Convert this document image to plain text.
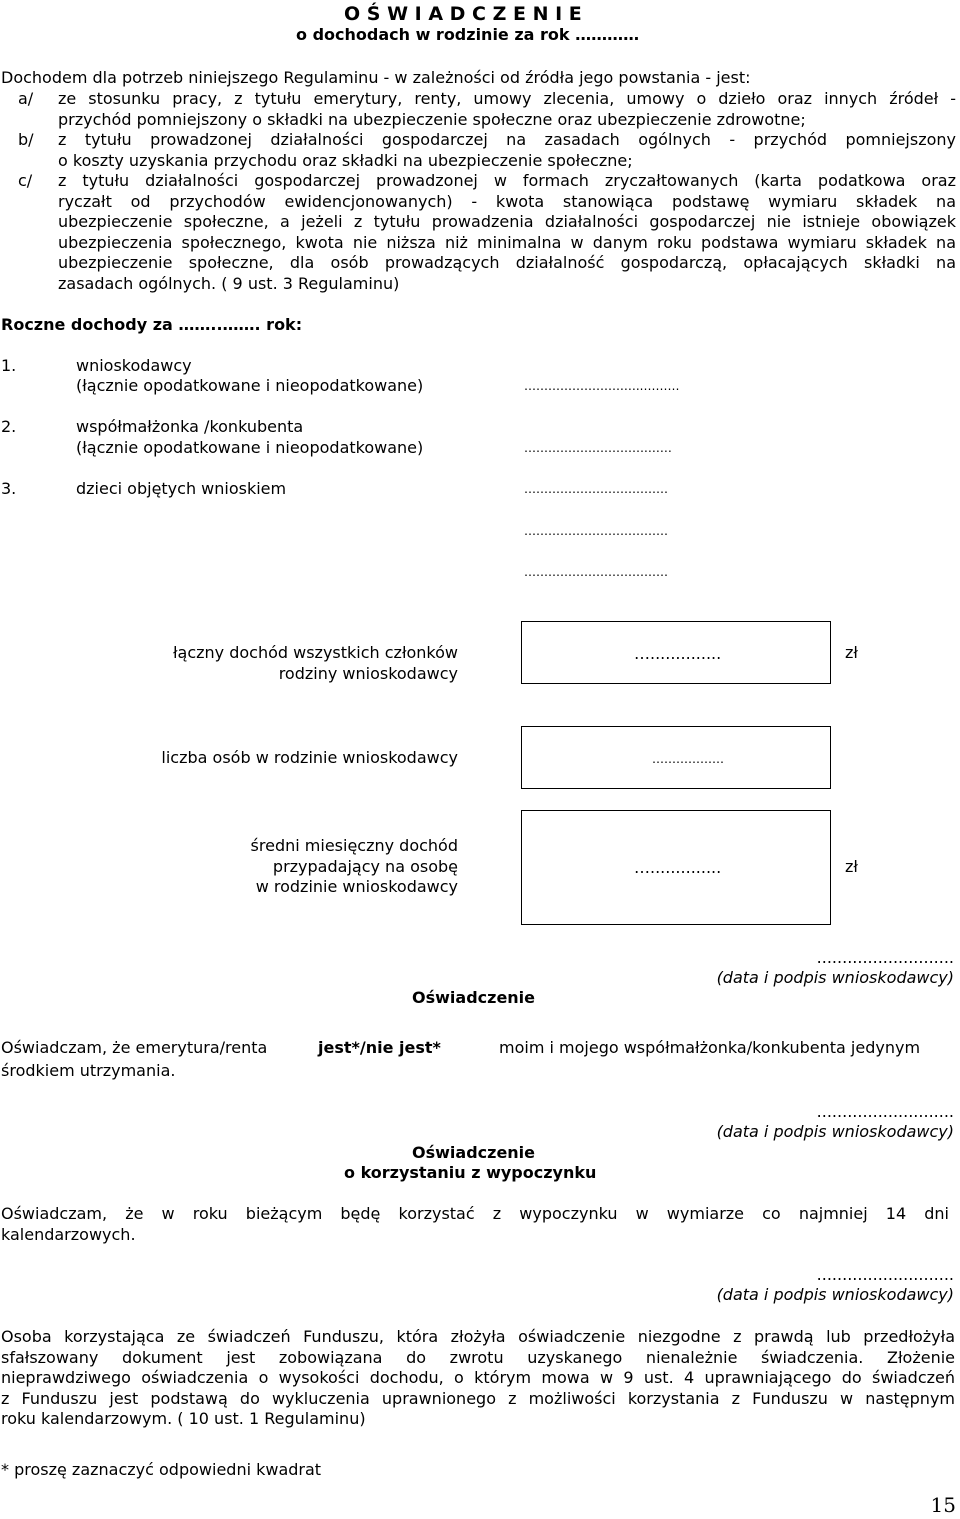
O Ś W I A D C Z E N I E
o dochodach w rodzinie za rok …………
Dochodem dla potrzeb niniejszego Regulaminu - w zależności od źródła jego powstania - jest:
a/ ze stosunku pracy, z tytułu emerytury, renty, umowy zlecenia, umowy o dzieło oraz innych źródeł -
przychód pomniejszony o składki na ubezpieczenie społeczne oraz ubezpieczenie zdrowotne;
b/ z tytułu prowadzonej działalności gospodarczej na zasadach ogólnych - przychód pomniejszony
o koszty uzyskania przychodu oraz składki na ubezpieczenie społeczne;
c/ z tytułu działalności gospodarczej prowadzonej w formach zryczałtowanych (karta podatkowa oraz
ryczałt od przychodów ewidencjonowanych) - kwota stanowiąca podstawę wymiaru składek na
ubezpieczenie społeczne, a jeżeli z tytułu prowadzenia działalności gospodarczej nie istnieje obowiązek
ubezpieczenia społecznego, kwota nie niższa niż minimalna w danym roku podstawa wymiaru składek na
ubezpieczenie społeczne, dla osób prowadzących działalność gospodarczą, opłacających składki na
zasadach ogólnych. ( 9 ust. 3 Regulaminu)
Roczne dochody za ……..……. rok:
1.	wnioskodawcy
(łącznie opodatkowane i nieopodatkowane)	…………………….…..………
2.	współmałżonka /konkubenta
(łącznie opodatkowane i nieopodatkowane)	………………………….……
3.	dzieci objętych wnioskiem	………………………………
………………………………
………………………………
łączny dochód wszystkich członków
rodziny wnioskodawcy
…..............	zł
liczba osób w rodzinie wnioskodawcy	………………
średni miesięczny dochód
przypadający na osobę
w rodzinie wnioskodawcy
…..............	zł
...........................
(data i podpis wnioskodawcy)
Oświadczenie
Oświadczam, że emerytura/renta	jest*/nie jest*	moim i mojego współmałżonka/konkubenta jedynym
środkiem utrzymania.
...........................
(data i podpis wnioskodawcy)
Oświadczenie
o korzystaniu z wypoczynku
Oświadczam, że w roku bieżącym będę korzystać z wypoczynku w wymiarze co najmniej 14 dni
kalendarzowych.
...........................
(data i podpis wnioskodawcy)
Osoba korzystająca ze świadczeń Funduszu, która złożyła oświadczenie niezgodne z prawdą lub przedłożyła
sfałszowany dokument jest zobowiązana do zwrotu uzyskanego nienależnie świadczenia. Złożenie
nieprawdziwego oświadczenia o wysokości dochodu, o którym mowa w 9 ust. 4 uprawniającego do świadczeń
z Funduszu jest podstawą do wykluczenia uprawnionego z możliwości korzystania z Funduszu w następnym
roku kalendarzowym. ( 10 ust. 1 Regulaminu)
* proszę zaznaczyć odpowiedni kwadrat
15
